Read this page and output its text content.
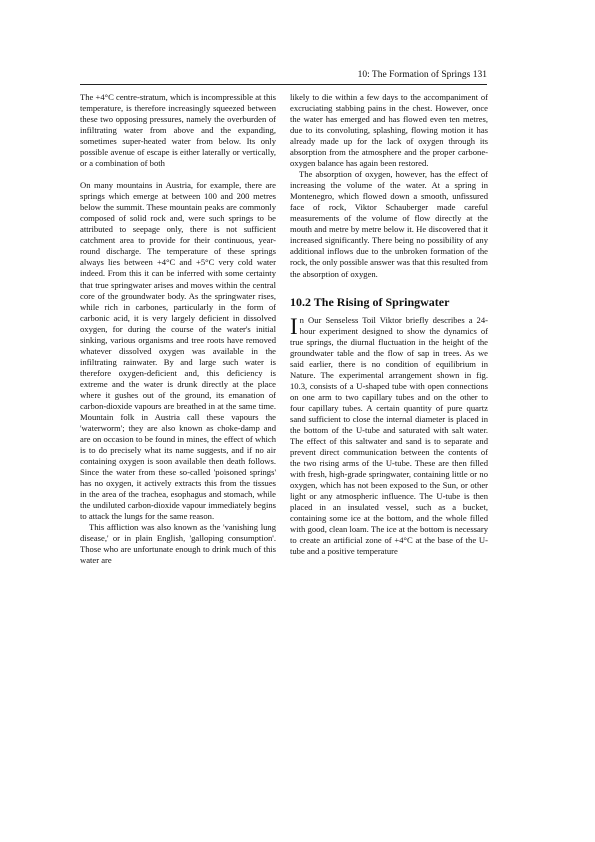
10: The Formation of Springs 131

The +4°C centre-stratum, which is incompressible at this temperature, is therefore increasingly squeezed between these two opposing pressures, namely the overburden of infiltrating water from above and the expanding, sometimes super-heated water from below. Its only possible avenue of escape is either laterally or vertically, or a combination of both

On many mountains in Austria, for example, there are springs which emerge at between 100 and 200 metres below the summit. These mountain peaks are commonly composed of solid rock and, were such springs to be attributed to seepage only, there is not sufficient catchment area to provide for their continuous, year-round discharge. The temperature of these springs always lies between +4°C and +5°C very cold water indeed. From this it can be inferred with some certainty that true springwater arises and moves within the central core of the groundwater body. As the springwater rises, while rich in carbones, particularly in the form of carbonic acid, it is very largely deficient in dissolved oxygen, for during the course of the water's initial sinking, various organisms and tree roots have removed whatever dissolved oxygen was available in the infiltrating rainwater. By and large such water is therefore oxygen-deficient and, this deficiency is extreme and the water is drunk directly at the place where it gushes out of the ground, its emanation of carbon-dioxide vapours are breathed in at the same time. Mountain folk in Austria call these vapours the 'waterworm'; they are also known as choke-damp and are on occasion to be found in mines, the effect of which is to do precisely what its name suggests, and if no air containing oxygen is soon available then death follows. Since the water from these so-called 'poisoned springs' has no oxygen, it actively extracts this from the tissues in the area of the trachea, esophagus and stomach, while the undiluted carbon-dioxide vapour immediately begins to attack the lungs for the same reason.

This affliction was also known as the 'vanishing lung disease,' or in plain English, 'galloping consumption'. Those who are unfortunate enough to drink much of this water are

likely to die within a few days to the accompaniment of excruciating stabbing pains in the chest. However, once the water has emerged and has flowed even ten metres, due to its convoluting, splashing, flowing motion it has already made up for the lack of oxygen through its absorption from the atmosphere and the proper carbone-oxygen balance has again been restored.

The absorption of oxygen, however, has the effect of increasing the volume of the water. At a spring in Montenegro, which flowed down a smooth, unfissured face of rock, Viktor Schauberger made careful measurements of the volume of flow directly at the mouth and metre by metre below it. He discovered that it increased significantly. There being no possibility of any additional inflows due to the unbroken formation of the rock, the only possible answer was that this resulted from the absorption of oxygen.

10.2 The Rising of Springwater

In Our Senseless Toil Viktor briefly describes a 24-hour experiment designed to show the dynamics of true springs, the diurnal fluctuation in the height of the groundwater table and the flow of sap in trees. As we said earlier, there is no condition of equilibrium in Nature. The experimental arrangement shown in fig. 10.3, consists of a U-shaped tube with open connections on one arm to two capillary tubes and on the other to four capillary tubes. A certain quantity of pure quartz sand sufficient to close the internal diameter is placed in the bottom of the U-tube and saturated with salt water. The effect of this saltwater and sand is to separate and prevent direct communication between the contents of the two rising arms of the U-tube. These are then filled with fresh, high-grade springwater, containing little or no oxygen, which has not been exposed to the Sun, or other light or any atmospheric influence. The U-tube is then placed in an insulated vessel, such as a bucket, containing some ice at the bottom, and the whole filled with good, clean loam. The ice at the bottom is necessary to create an artificial zone of +4°C at the base of the U-tube and a positive temperature
